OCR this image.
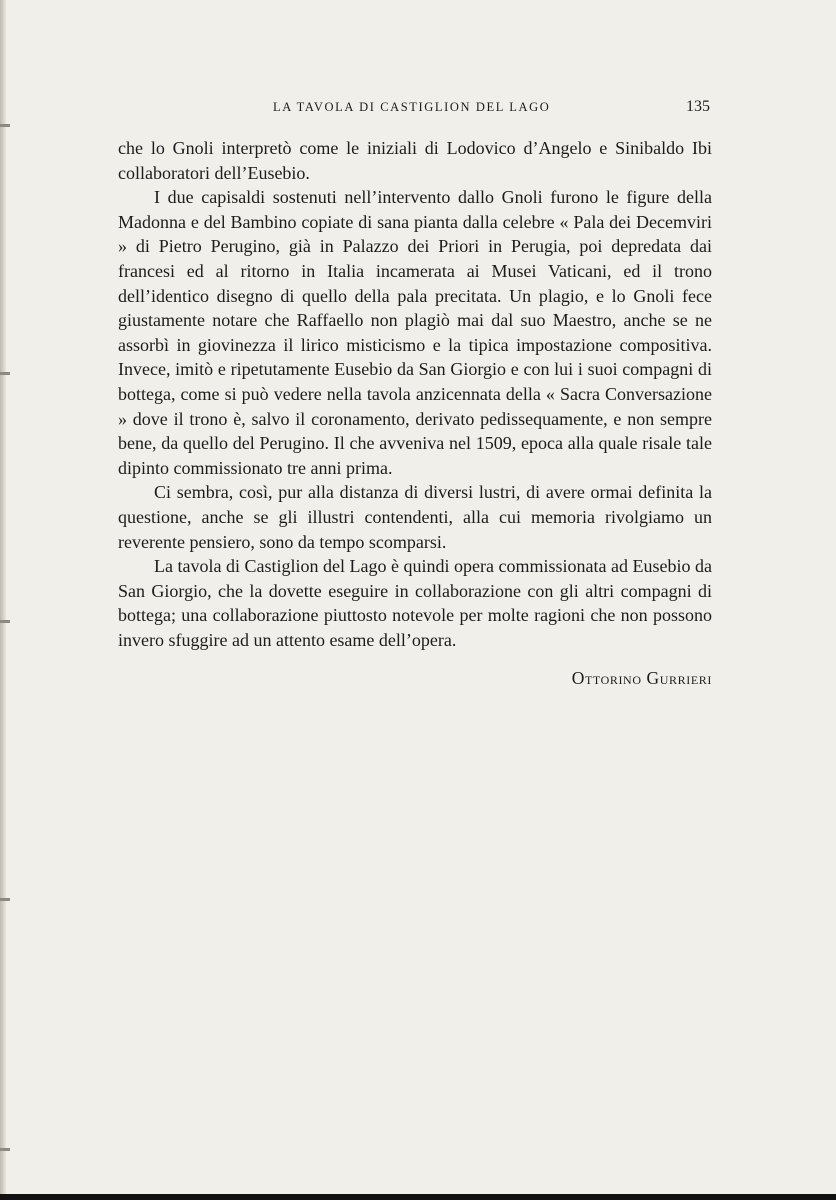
LA TAVOLA DI CASTIGLION DEL LAGO	135

che lo Gnoli interpretò come le iniziali di Lodovico d’Angelo e Sinibaldo Ibi collaboratori dell’Eusebio.

I due capisaldi sostenuti nell’intervento dallo Gnoli furono le figure della Madonna e del Bambino copiate di sana pianta dalla celebre « Pala dei Decemviri » di Pietro Perugino, già in Palazzo dei Priori in Perugia, poi depredata dai francesi ed al ritorno in Italia incamerata ai Musei Vaticani, ed il trono dell’identico disegno di quello della pala precitata. Un plagio, e lo Gnoli fece giustamente notare che Raffaello non plagiò mai dal suo Maestro, anche se ne assorbì in giovinezza il lirico misticismo e la tipica impostazione compositiva. Invece, imitò e ripetutamente Eusebio da San Giorgio e con lui i suoi compagni di bottega, come si può vedere nella tavola anzicennata della « Sacra Conversazione » dove il trono è, salvo il coronamento, derivato pedissequamente, e non sempre bene, da quello del Perugino. Il che avveniva nel 1509, epoca alla quale risale tale dipinto commissionato tre anni prima.

Ci sembra, così, pur alla distanza di diversi lustri, di avere ormai definita la questione, anche se gli illustri contendenti, alla cui memoria rivolgiamo un reverente pensiero, sono da tempo scomparsi.

La tavola di Castiglion del Lago è quindi opera commissionata ad Eusebio da San Giorgio, che la dovette eseguire in collaborazione con gli altri compagni di bottega; una collaborazione piuttosto notevole per molte ragioni che non possono invero sfuggire ad un attento esame dell’opera.

Ottorino Gurrieri
